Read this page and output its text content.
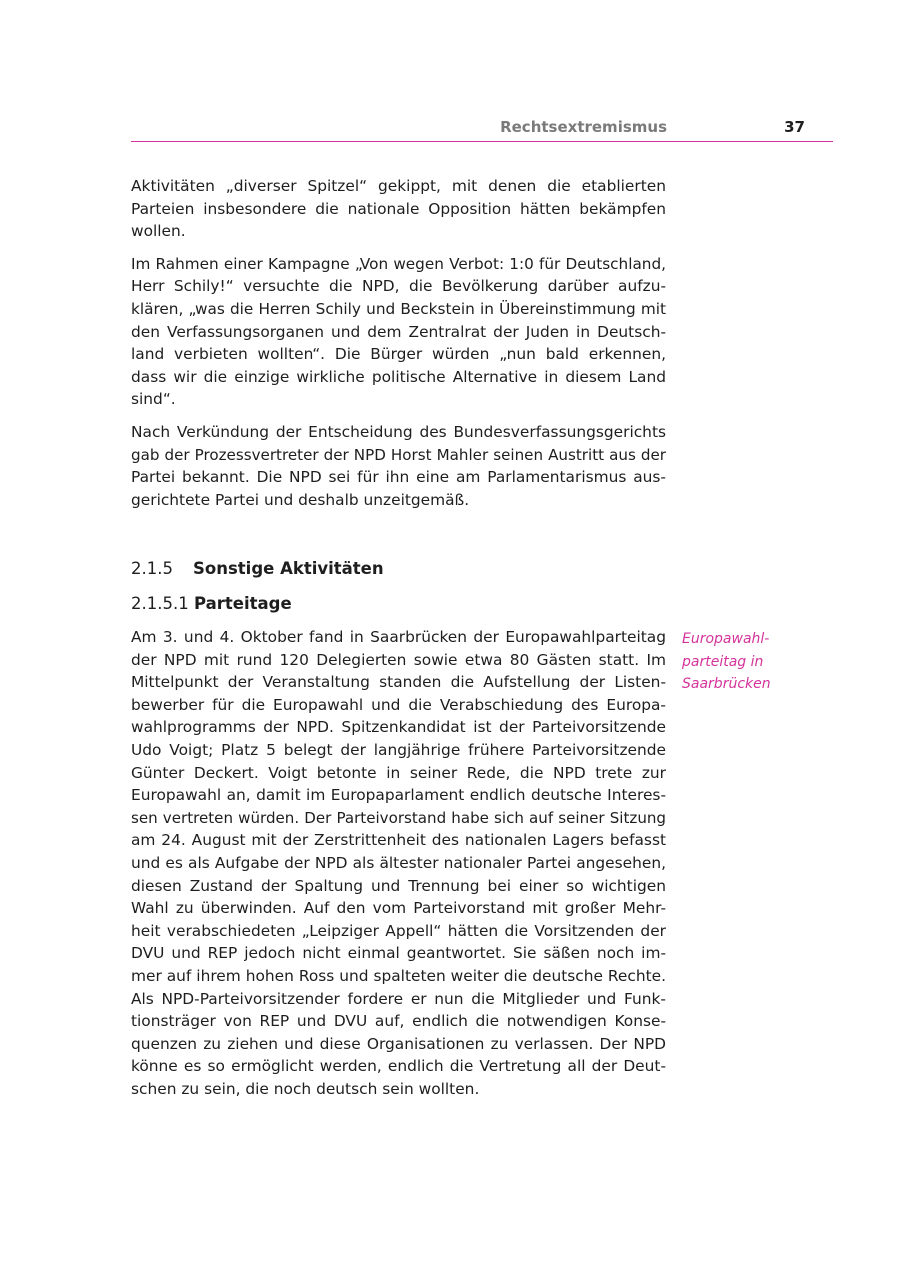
Rechtsextremismus	37

Aktivitäten „diverser Spitzel“ gekippt, mit denen die etablierten
Parteien insbesondere die nationale Opposition hätten bekämpfen
wollen.

Im Rahmen einer Kampagne „Von wegen Verbot: 1:0 für Deutschland,
Herr Schily!“ versuchte die NPD, die Bevölkerung darüber aufzu-
klären, „was die Herren Schily und Beckstein in Übereinstimmung mit
den Verfassungsorganen und dem Zentralrat der Juden in Deutsch-
land verbieten wollten“. Die Bürger würden „nun bald erkennen,
dass wir die einzige wirkliche politische Alternative in diesem Land
sind“.

Nach Verkündung der Entscheidung des Bundesverfassungsgerichts
gab der Prozessvertreter der NPD Horst Mahler seinen Austritt aus der
Partei bekannt. Die NPD sei für ihn eine am Parlamentarismus aus-
gerichtete Partei und deshalb unzeitgemäß.

2.1.5 Sonstige Aktivitäten
2.1.5.1 Parteitage
Am 3. und 4. Oktober fand in Saarbrücken der Europawahlparteitag
der NPD mit rund 120 Delegierten sowie etwa 80 Gästen statt. Im
Mittelpunkt der Veranstaltung standen die Aufstellung der Listen-
bewerber für die Europawahl und die Verabschiedung des Europa-
wahlprogramms der NPD. Spitzenkandidat ist der Parteivorsitzende
Udo Voigt; Platz 5 belegt der langjährige frühere Parteivorsitzende
Günter Deckert. Voigt betonte in seiner Rede, die NPD trete zur
Europawahl an, damit im Europaparlament endlich deutsche Interes-
sen vertreten würden. Der Parteivorstand habe sich auf seiner Sitzung
am 24. August mit der Zerstrittenheit des nationalen Lagers befasst
und es als Aufgabe der NPD als ältester nationaler Partei angesehen,
diesen Zustand der Spaltung und Trennung bei einer so wichtigen
Wahl zu überwinden. Auf den vom Parteivorstand mit großer Mehr-
heit verabschiedeten „Leipziger Appell“ hätten die Vorsitzenden der
DVU und REP jedoch nicht einmal geantwortet. Sie säßen noch im-
mer auf ihrem hohen Ross und spalteten weiter die deutsche Rechte.
Als NPD-Parteivorsitzender fordere er nun die Mitglieder und Funk-
tionsträger von REP und DVU auf, endlich die notwendigen Konse-
quenzen zu ziehen und diese Organisationen zu verlassen. Der NPD
könne es so ermöglicht werden, endlich die Vertretung all der Deut-
schen zu sein, die noch deutsch sein wollten.
Europawahl-
parteitag in
Saarbrücken
